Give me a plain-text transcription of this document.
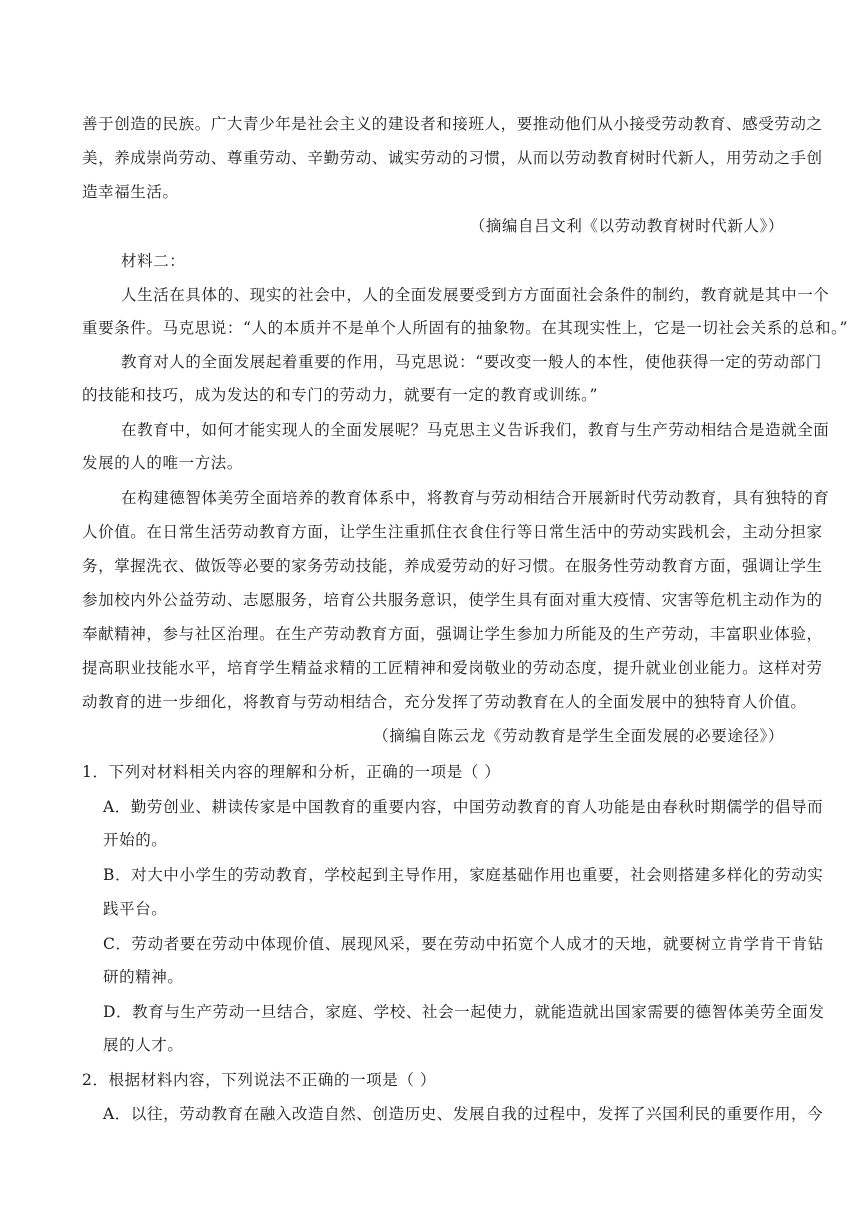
善于创造的民族。广大青少年是社会主义的建设者和接班人，要推动他们从小接受劳动教育、感受劳动之
美，养成崇尚劳动、尊重劳动、辛勤劳动、诚实劳动的习惯，从而以劳动教育树时代新人，用劳动之手创
造幸福生活。
（摘编自吕文利《以劳动教育树时代新人》）
材料二：
人生活在具体的、现实的社会中，人的全面发展要受到方方面面社会条件的制约，教育就是其中一个
重要条件。马克思说：“人的本质并不是单个人所固有的抽象物。在其现实性上，它是一切社会关系的总和。”
教育对人的全面发展起着重要的作用，马克思说：“要改变一般人的本性，使他获得一定的劳动部门
的技能和技巧，成为发达的和专门的劳动力，就要有一定的教育或训练。”
在教育中，如何才能实现人的全面发展呢？马克思主义告诉我们，教育与生产劳动相结合是造就全面
发展的人的唯一方法。
在构建德智体美劳全面培养的教育体系中，将教育与劳动相结合开展新时代劳动教育，具有独特的育
人价值。在日常生活劳动教育方面，让学生注重抓住衣食住行等日常生活中的劳动实践机会，主动分担家
务，掌握洗衣、做饭等必要的家务劳动技能，养成爱劳动的好习惯。在服务性劳动教育方面，强调让学生
参加校内外公益劳动、志愿服务，培育公共服务意识，使学生具有面对重大疫情、灾害等危机主动作为的
奉献精神，参与社区治理。在生产劳动教育方面，强调让学生参加力所能及的生产劳动，丰富职业体验，
提高职业技能水平，培育学生精益求精的工匠精神和爱岗敬业的劳动态度，提升就业创业能力。这样对劳
动教育的进一步细化，将教育与劳动相结合，充分发挥了劳动教育在人的全面发展中的独特育人价值。
（摘编自陈云龙《劳动教育是学生全面发展的必要途径》）
1．下列对材料相关内容的理解和分析，正确的一项是（ ）
A．勤劳创业、耕读传家是中国教育的重要内容，中国劳动教育的育人功能是由春秋时期儒学的倡导而
开始的。
B．对大中小学生的劳动教育，学校起到主导作用，家庭基础作用也重要，社会则搭建多样化的劳动实
践平台。
C．劳动者要在劳动中体现价值、展现风采，要在劳动中拓宽个人成才的天地，就要树立肯学肯干肯钻
研的精神。
D．教育与生产劳动一旦结合，家庭、学校、社会一起使力，就能造就出国家需要的德智体美劳全面发
展的人才。
2．根据材料内容，下列说法不正确的一项是（ ）
A．以往，劳动教育在融入改造自然、创造历史、发展自我的过程中，发挥了兴国利民的重要作用，今
